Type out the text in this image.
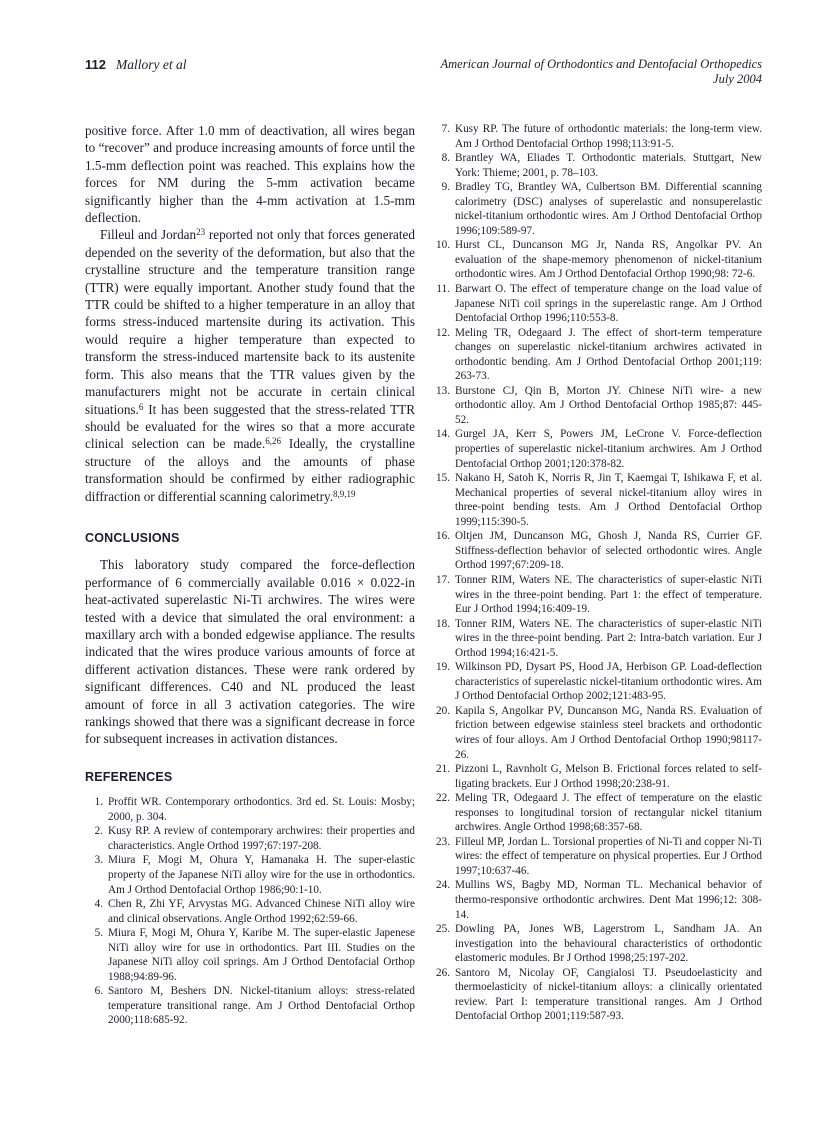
112 Mallory et al	American Journal of Orthodontics and Dentofacial Orthopedics
July 2004

positive force. After 1.0 mm of deactivation, all wires began to “recover” and produce increasing amounts of force until the 1.5-mm deflection point was reached. This explains how the forces for NM during the 5-mm activation became significantly higher than the 4-mm activation at 1.5-mm deflection.

Filleul and Jordan$^{23}$ reported not only that forces generated depended on the severity of the deformation, but also that the crystalline structure and the temperature transition range (TTR) were equally important. Another study found that the TTR could be shifted to a higher temperature in an alloy that forms stress-induced martensite during its activation. This would require a higher temperature than expected to transform the stress-induced martensite back to its austenite form. This also means that the TTR values given by the manufacturers might not be accurate in certain clinical situations.$^6$ It has been suggested that the stress-related TTR should be evaluated for the wires so that a more accurate clinical selection can be made.$^{6,26}$ Ideally, the crystalline structure of the alloys and the amounts of phase transformation should be confirmed by either radiographic diffraction or differential scanning calorimetry.$^{8,9,19}$

CONCLUSIONS

This laboratory study compared the force-deflection performance of 6 commercially available 0.016 × 0.022-in heat-activated superelastic Ni-Ti archwires. The wires were tested with a device that simulated the oral environment: a maxillary arch with a bonded edgewise appliance. The results indicated that the wires produce various amounts of force at different activation distances. These were rank ordered by significant differences. C40 and NL produced the least amount of force in all 3 activation categories. The wire rankings showed that there was a significant decrease in force for subsequent increases in activation distances.

REFERENCES
1. Proffit WR. Contemporary orthodontics. 3rd ed. St. Louis: Mosby; 2000, p. 304.
2. Kusy RP. A review of contemporary archwires: their properties and characteristics. Angle Orthod 1997;67:197-208.
3. Miura F, Mogi M, Ohura Y, Hamanaka H. The super-elastic property of the Japanese NiTi alloy wire for the use in orthodontics. Am J Orthod Dentofacial Orthop 1986;90:1-10.
4. Chen R, Zhi YF, Arvystas MG. Advanced Chinese NiTi alloy wire and clinical observations. Angle Orthod 1992;62:59-66.
5. Miura F, Mogi M, Ohura Y, Karibe M. The super-elastic Japenese NiTi alloy wire for use in orthodontics. Part III. Studies on the Japanese NiTi alloy coil springs. Am J Orthod Dentofacial Orthop 1988;94:89-96.
6. Santoro M, Beshers DN. Nickel-titanium alloys: stress-related temperature transitional range. Am J Orthod Dentofacial Orthop 2000;118:685-92.
7. Kusy RP. The future of orthodontic materials: the long-term view. Am J Orthod Dentofacial Orthop 1998;113:91-5.
8. Brantley WA, Eliades T. Orthodontic materials. Stuttgart, New York: Thieme; 2001, p. 78–103.
9. Bradley TG, Brantley WA, Culbertson BM. Differential scanning calorimetry (DSC) analyses of superelastic and nonsuperelastic nickel-titanium orthodontic wires. Am J Orthod Dentofacial Orthop 1996;109:589-97.
10. Hurst CL, Duncanson MG Jr, Nanda RS, Angolkar PV. An evaluation of the shape-memory phenomenon of nickel-titanium orthodontic wires. Am J Orthod Dentofacial Orthop 1990;98: 72-6.
11. Barwart O. The effect of temperature change on the load value of Japanese NiTi coil springs in the superelastic range. Am J Orthod Dentofacial Orthop 1996;110:553-8.
12. Meling TR, Odegaard J. The effect of short-term temperature changes on superelastic nickel-titanium archwires activated in orthodontic bending. Am J Orthod Dentofacial Orthop 2001;119: 263-73.
13. Burstone CJ, Qin B, Morton JY. Chinese NiTi wire- a new orthodontic alloy. Am J Orthod Dentofacial Orthop 1985;87: 445-52.
14. Gurgel JA, Kerr S, Powers JM, LeCrone V. Force-deflection properties of superelastic nickel-titanium archwires. Am J Orthod Dentofacial Orthop 2001;120:378-82.
15. Nakano H, Satoh K, Norris R, Jin T, Kaemgai T, Ishikawa F, et al. Mechanical properties of several nickel-titanium alloy wires in three-point bending tests. Am J Orthod Dentofacial Orthop 1999;115:390-5.
16. Oltjen JM, Duncanson MG, Ghosh J, Nanda RS, Currier GF. Stiffness-deflection behavior of selected orthodontic wires. Angle Orthod 1997;67:209-18.
17. Tonner RIM, Waters NE. The characteristics of super-elastic NiTi wires in the three-point bending. Part 1: the effect of temperature. Eur J Orthod 1994;16:409-19.
18. Tonner RIM, Waters NE. The characteristics of super-elastic NiTi wires in the three-point bending. Part 2: Intra-batch variation. Eur J Orthod 1994;16:421-5.
19. Wilkinson PD, Dysart PS, Hood JA, Herbison GP. Load-deflection characteristics of superelastic nickel-titanium orthodontic wires. Am J Orthod Dentofacial Orthop 2002;121:483-95.
20. Kapila S, Angolkar PV, Duncanson MG, Nanda RS. Evaluation of friction between edgewise stainless steel brackets and orthodontic wires of four alloys. Am J Orthod Dentofacial Orthop 1990;98117-26.
21. Pizzoni L, Ravnholt G, Melson B. Frictional forces related to self-ligating brackets. Eur J Orthod 1998;20:238-91.
22. Meling TR, Odegaard J. The effect of temperature on the elastic responses to longitudinal torsion of rectangular nickel titanium archwires. Angle Orthod 1998;68:357-68.
23. Filleul MP, Jordan L. Torsional properties of Ni-Ti and copper Ni-Ti wires: the effect of temperature on physical properties. Eur J Orthod 1997;10:637-46.
24. Mullins WS, Bagby MD, Norman TL. Mechanical behavior of thermo-responsive orthodontic archwires. Dent Mat 1996;12: 308-14.
25. Dowling PA, Jones WB, Lagerstrom L, Sandham JA. An investigation into the behavioural characteristics of orthodontic elastomeric modules. Br J Orthod 1998;25:197-202.
26. Santoro M, Nicolay OF, Cangialosi TJ. Pseudoelasticity and thermoelasticity of nickel-titanium alloys: a clinically orientated review. Part I: temperature transitional ranges. Am J Orthod Dentofacial Orthop 2001;119:587-93.
